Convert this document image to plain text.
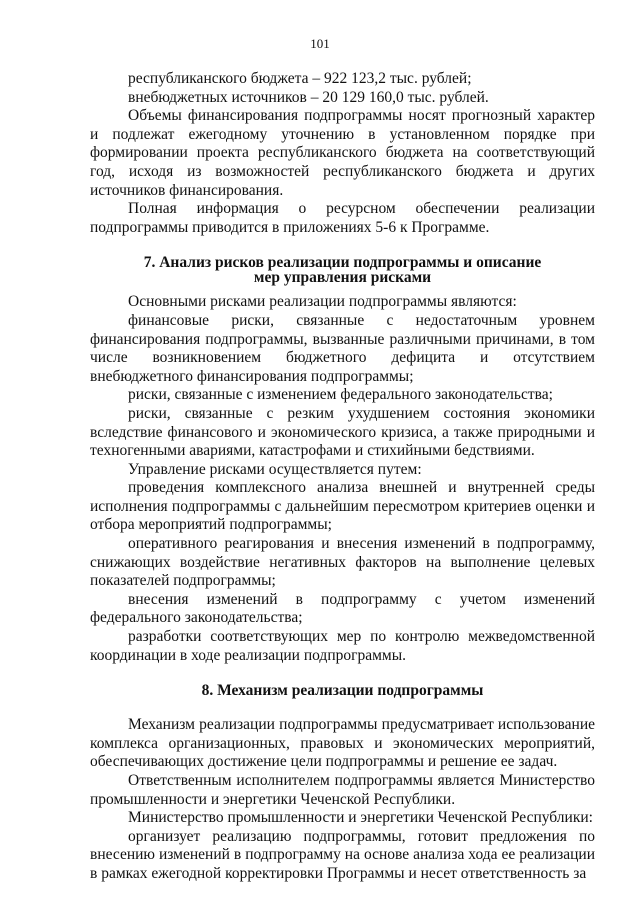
101

республиканского бюджета – 922 123,2 тыс. рублей;

внебюджетных источников – 20 129 160,0 тыс. рублей.

Объемы финансирования подпрограммы носят прогнозный характер и подлежат ежегодному уточнению в установленном порядке при формировании проекта республиканского бюджета на соответствующий год, исходя из возможностей республиканского бюджета и других источников финансирования.

Полная информация о ресурсном обеспечении реализации подпрограммы приводится в приложениях 5-6 к Программе.

7. Анализ рисков реализации подпрограммы и описание
мер управления рисками

Основными рисками реализации подпрограммы являются:

финансовые риски, связанные с недостаточным уровнем финансирования подпрограммы, вызванные различными причинами, в том числе возникновением бюджетного дефицита и отсутствием внебюджетного финансирования подпрограммы;

риски, связанные с изменением федерального законодательства;

риски, связанные с резким ухудшением состояния экономики вследствие финансового и экономического кризиса, а также природными и техногенными авариями, катастрофами и стихийными бедствиями.

Управление рисками осуществляется путем:

проведения комплексного анализа внешней и внутренней среды исполнения подпрограммы с дальнейшим пересмотром критериев оценки и отбора мероприятий подпрограммы;

оперативного реагирования и внесения изменений в подпрограмму, снижающих воздействие негативных факторов на выполнение целевых показателей подпрограммы;

внесения изменений в подпрограмму с учетом изменений федерального законодательства;

разработки соответствующих мер по контролю межведомственной координации в ходе реализации подпрограммы.

8. Механизм реализации подпрограммы

Механизм реализации подпрограммы предусматривает использование комплекса организационных, правовых и экономических мероприятий, обеспечивающих достижение цели подпрограммы и решение ее задач.

Ответственным исполнителем подпрограммы является Министерство промышленности и энергетики Чеченской Республики.

Министерство промышленности и энергетики Чеченской Республики:

организует реализацию подпрограммы, готовит предложения по внесению изменений в подпрограмму на основе анализа хода ее реализации в рамках ежегодной корректировки Программы и несет ответственность за
